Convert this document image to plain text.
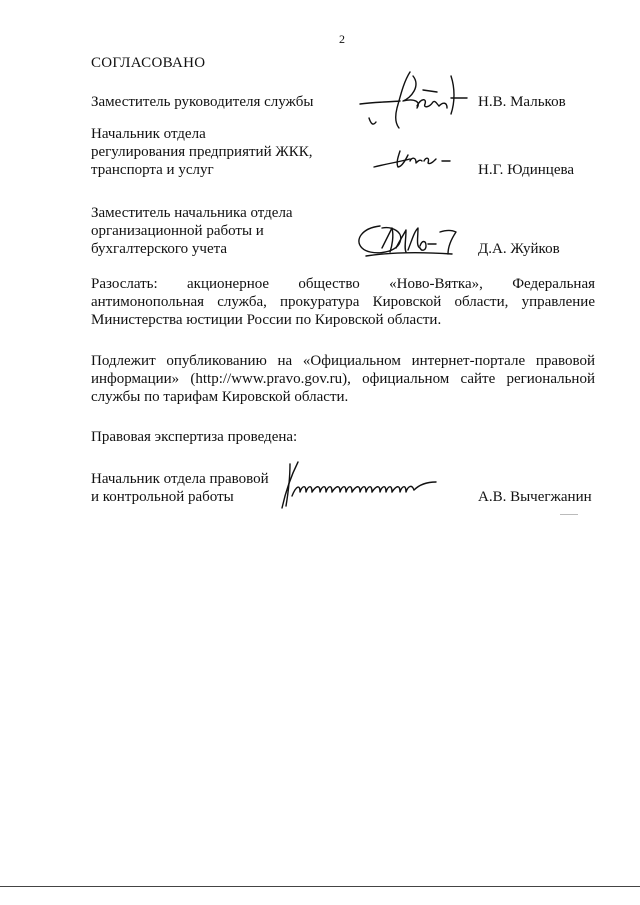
2
СОГЛАСОВАНО
Заместитель руководителя службы	Н.В. Мальков
Начальник отдела
регулирования предприятий ЖКК,
транспорта и услуг	Н.Г. Юдинцева
Заместитель начальника отдела
организационной работы и
бухгалтерского учета	Д.А. Жуйков
Разослать: акционерное общество «Ново-Вятка», Федеральная
антимонопольная служба, прокуратура Кировской области, управление
Министерства юстиции России по Кировской области.
Подлежит опубликованию на «Официальном интернет-портале правовой
информации» (http://www.pravo.gov.ru), официальном сайте региональной
службы по тарифам Кировской области.
Правовая экспертиза проведена:
Начальник отдела правовой
и контрольной работы	А.В. Вычегжанин
